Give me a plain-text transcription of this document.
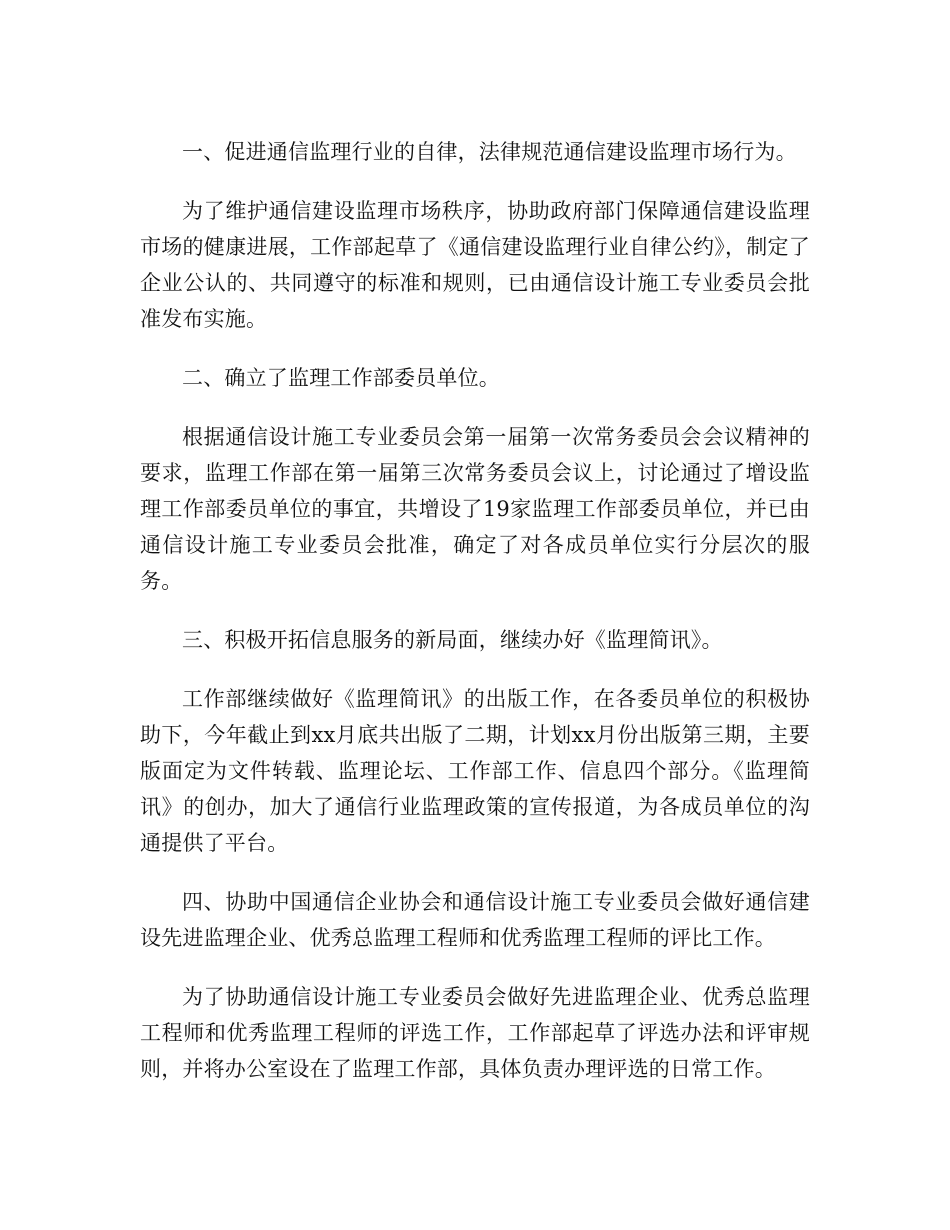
一、促进通信监理行业的自律，法律规范通信建设监理市场行为。

为了维护通信建设监理市场秩序，协助政府部门保障通信建设监理市场的健康进展，工作部起草了《通信建设监理行业自律公约》，制定了企业公认的、共同遵守的标准和规则，已由通信设计施工专业委员会批准发布实施。

二、确立了监理工作部委员单位。

根据通信设计施工专业委员会第一届第一次常务委员会会议精神的要求，监理工作部在第一届第三次常务委员会议上，讨论通过了增设监理工作部委员单位的事宜，共增设了19家监理工作部委员单位，并已由通信设计施工专业委员会批准，确定了对各成员单位实行分层次的服务。

三、积极开拓信息服务的新局面，继续办好《监理简讯》。

工作部继续做好《监理简讯》的出版工作，在各委员单位的积极协助下，今年截止到xx月底共出版了二期，计划xx月份出版第三期，主要版面定为文件转载、监理论坛、工作部工作、信息四个部分。《监理简讯》的创办，加大了通信行业监理政策的宣传报道，为各成员单位的沟通提供了平台。

四、协助中国通信企业协会和通信设计施工专业委员会做好通信建设先进监理企业、优秀总监理工程师和优秀监理工程师的评比工作。

为了协助通信设计施工专业委员会做好先进监理企业、优秀总监理工程师和优秀监理工程师的评选工作，工作部起草了评选办法和评审规则，并将办公室设在了监理工作部，具体负责办理评选的日常工作。
